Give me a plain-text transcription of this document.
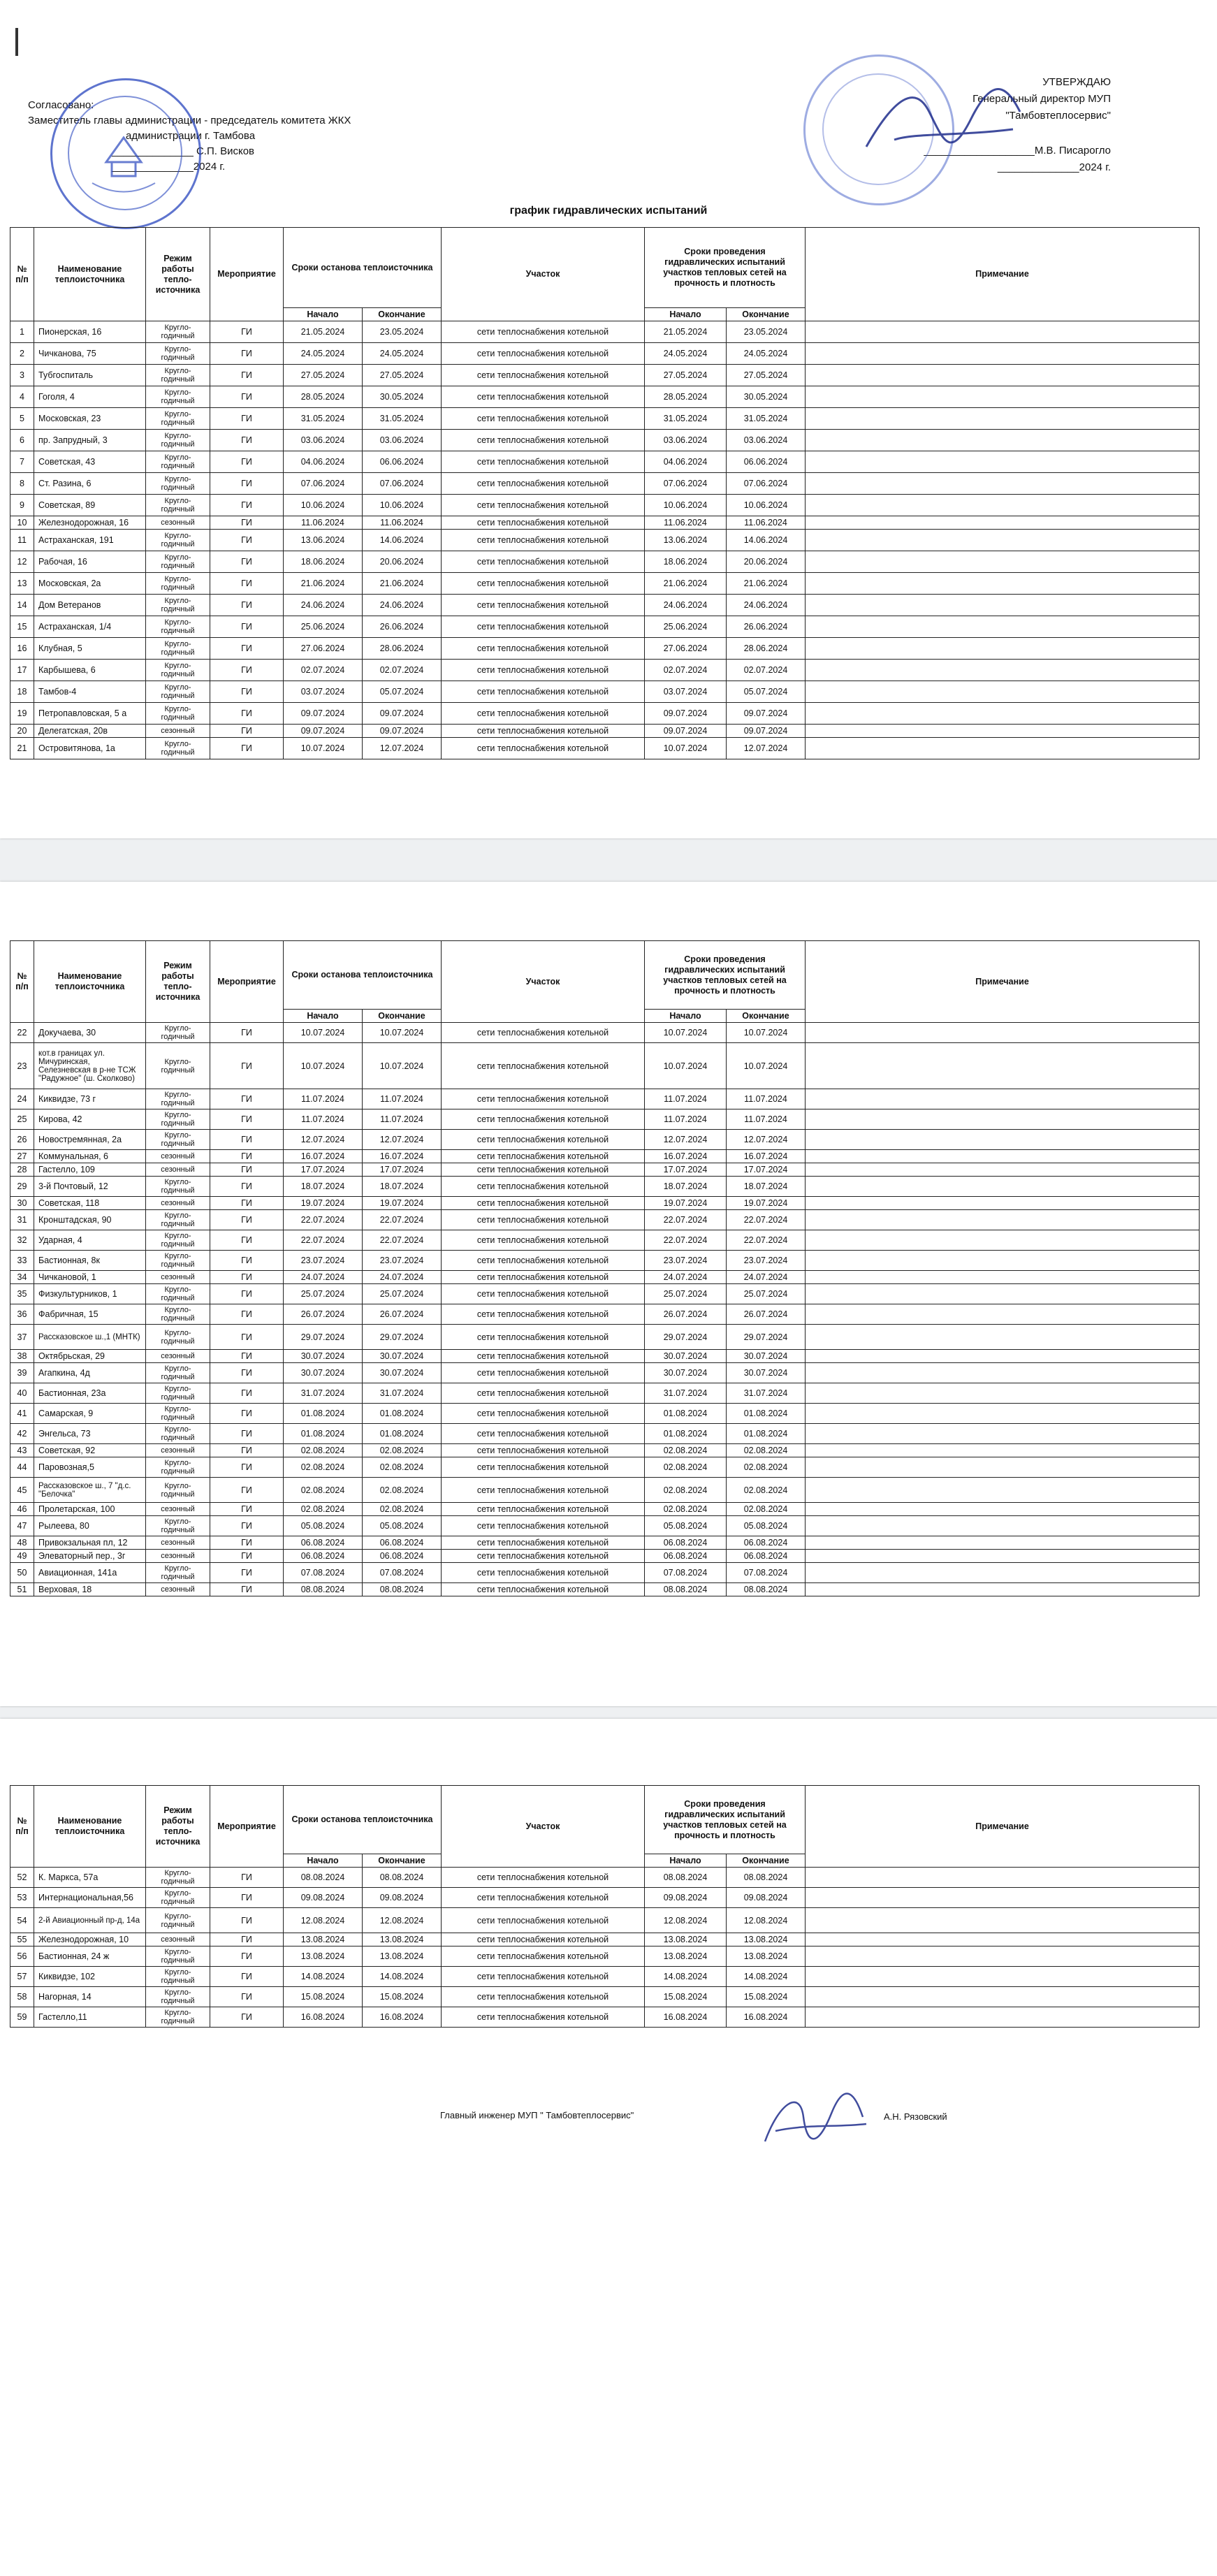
Согласовано:
Заместитель главы администрации - председатель комитета ЖКХ
администрации г. Тамбова
______________ С.П. Висков
______________2024 г.
УТВЕРЖДАЮ
Генеральный директор МУП "Тамбовтеплосервис"
___________________М.В. Писарогло
______________2024 г.
график гидравлических испытаний
№ п/п	Наименование теплоисточника	Режим работы тепло-источника	Мероприятие	Сроки останова теплоисточника		Участок	Сроки проведения гидравлических испытаний участков тепловых сетей на прочность и плотность		Примечание
				Начало	Окончание		Начало	Окончание	
1	Пионерская, 16	Кругло-годичный	ГИ	21.05.2024	23.05.2024	сети теплоснабжения котельной	21.05.2024	23.05.2024	
2	Чичканова, 75	Кругло-годичный	ГИ	24.05.2024	24.05.2024	сети теплоснабжения котельной	24.05.2024	24.05.2024	
3	Тубгоспиталь	Кругло-годичный	ГИ	27.05.2024	27.05.2024	сети теплоснабжения котельной	27.05.2024	27.05.2024	
4	Гоголя, 4	Кругло-годичный	ГИ	28.05.2024	30.05.2024	сети теплоснабжения котельной	28.05.2024	30.05.2024	
5	Московская, 23	Кругло-годичный	ГИ	31.05.2024	31.05.2024	сети теплоснабжения котельной	31.05.2024	31.05.2024	
6	пр. Запрудный, 3	Кругло-годичный	ГИ	03.06.2024	03.06.2024	сети теплоснабжения котельной	03.06.2024	03.06.2024	
7	Советская, 43	Кругло-годичный	ГИ	04.06.2024	06.06.2024	сети теплоснабжения котельной	04.06.2024	06.06.2024	
8	Ст. Разина, 6	Кругло-годичный	ГИ	07.06.2024	07.06.2024	сети теплоснабжения котельной	07.06.2024	07.06.2024	
9	Советская, 89	Кругло-годичный	ГИ	10.06.2024	10.06.2024	сети теплоснабжения котельной	10.06.2024	10.06.2024	
10	Железнодорожная, 16	сезонный	ГИ	11.06.2024	11.06.2024	сети теплоснабжения котельной	11.06.2024	11.06.2024	
11	Астраханская, 191	Кругло-годичный	ГИ	13.06.2024	14.06.2024	сети теплоснабжения котельной	13.06.2024	14.06.2024	
12	Рабочая, 16	Кругло-годичный	ГИ	18.06.2024	20.06.2024	сети теплоснабжения котельной	18.06.2024	20.06.2024	
13	Московская, 2а	Кругло-годичный	ГИ	21.06.2024	21.06.2024	сети теплоснабжения котельной	21.06.2024	21.06.2024	
14	Дом Ветеранов	Кругло-годичный	ГИ	24.06.2024	24.06.2024	сети теплоснабжения котельной	24.06.2024	24.06.2024	
15	Астраханская, 1/4	Кругло-годичный	ГИ	25.06.2024	26.06.2024	сети теплоснабжения котельной	25.06.2024	26.06.2024	
16	Клубная, 5	Кругло-годичный	ГИ	27.06.2024	28.06.2024	сети теплоснабжения котельной	27.06.2024	28.06.2024	
17	Карбышева, 6	Кругло-годичный	ГИ	02.07.2024	02.07.2024	сети теплоснабжения котельной	02.07.2024	02.07.2024	
18	Тамбов-4	Кругло-годичный	ГИ	03.07.2024	05.07.2024	сети теплоснабжения котельной	03.07.2024	05.07.2024	
19	Петропавловская, 5 а	Кругло-годичный	ГИ	09.07.2024	09.07.2024	сети теплоснабжения котельной	09.07.2024	09.07.2024	
20	Делегатская, 20в	сезонный	ГИ	09.07.2024	09.07.2024	сети теплоснабжения котельной	09.07.2024	09.07.2024	
21	Островитянова, 1а	Кругло-годичный	ГИ	10.07.2024	12.07.2024	сети теплоснабжения котельной	10.07.2024	12.07.2024	
№ п/п	Наименование теплоисточника	Режим работы тепло-источника	Мероприятие	Сроки останова теплоисточника		Участок	Сроки проведения гидравлических испытаний участков тепловых сетей на прочность и плотность		Примечание
				Начало	Окончание		Начало	Окончание	
22	Докучаева, 30	Кругло-годичный	ГИ	10.07.2024	10.07.2024	сети теплоснабжения котельной	10.07.2024	10.07.2024	
23	кот.в границах ул. Мичуринская, Селезневская в р-не ТСЖ "Радужное" (ш. Сколково)	Кругло-годичный	ГИ	10.07.2024	10.07.2024	сети теплоснабжения котельной	10.07.2024	10.07.2024	
24	Киквидзе, 73 г	Кругло-годичный	ГИ	11.07.2024	11.07.2024	сети теплоснабжения котельной	11.07.2024	11.07.2024	
25	Кирова, 42	Кругло-годичный	ГИ	11.07.2024	11.07.2024	сети теплоснабжения котельной	11.07.2024	11.07.2024	
26	Новостремянная, 2а	Кругло-годичный	ГИ	12.07.2024	12.07.2024	сети теплоснабжения котельной	12.07.2024	12.07.2024	
27	Коммунальная, 6	сезонный	ГИ	16.07.2024	16.07.2024	сети теплоснабжения котельной	16.07.2024	16.07.2024	
28	Гастелло, 109	сезонный	ГИ	17.07.2024	17.07.2024	сети теплоснабжения котельной	17.07.2024	17.07.2024	
29	3-й Почтовый, 12	Кругло-годичный	ГИ	18.07.2024	18.07.2024	сети теплоснабжения котельной	18.07.2024	18.07.2024	
30	Советская, 118	сезонный	ГИ	19.07.2024	19.07.2024	сети теплоснабжения котельной	19.07.2024	19.07.2024	
31	Кронштадская, 90	Кругло-годичный	ГИ	22.07.2024	22.07.2024	сети теплоснабжения котельной	22.07.2024	22.07.2024	
32	Ударная, 4	Кругло-годичный	ГИ	22.07.2024	22.07.2024	сети теплоснабжения котельной	22.07.2024	22.07.2024	
33	Бастионная, 8к	Кругло-годичный	ГИ	23.07.2024	23.07.2024	сети теплоснабжения котельной	23.07.2024	23.07.2024	
34	Чичкановой, 1	сезонный	ГИ	24.07.2024	24.07.2024	сети теплоснабжения котельной	24.07.2024	24.07.2024	
35	Физкультурников, 1	Кругло-годичный	ГИ	25.07.2024	25.07.2024	сети теплоснабжения котельной	25.07.2024	25.07.2024	
36	Фабричная, 15	Кругло-годичный	ГИ	26.07.2024	26.07.2024	сети теплоснабжения котельной	26.07.2024	26.07.2024	
37	Рассказовское ш.,1 (МНТК)	Кругло-годичный	ГИ	29.07.2024	29.07.2024	сети теплоснабжения котельной	29.07.2024	29.07.2024	
38	Октябрьская, 29	сезонный	ГИ	30.07.2024	30.07.2024	сети теплоснабжения котельной	30.07.2024	30.07.2024	
39	Агапкина, 4д	Кругло-годичный	ГИ	30.07.2024	30.07.2024	сети теплоснабжения котельной	30.07.2024	30.07.2024	
40	Бастионная, 23а	Кругло-годичный	ГИ	31.07.2024	31.07.2024	сети теплоснабжения котельной	31.07.2024	31.07.2024	
41	Самарская, 9	Кругло-годичный	ГИ	01.08.2024	01.08.2024	сети теплоснабжения котельной	01.08.2024	01.08.2024	
42	Энгельса, 73	Кругло-годичный	ГИ	01.08.2024	01.08.2024	сети теплоснабжения котельной	01.08.2024	01.08.2024	
43	Советская, 92	сезонный	ГИ	02.08.2024	02.08.2024	сети теплоснабжения котельной	02.08.2024	02.08.2024	
44	Паровозная,5	Кругло-годичный	ГИ	02.08.2024	02.08.2024	сети теплоснабжения котельной	02.08.2024	02.08.2024	
45	Рассказовское ш., 7 "д.с. "Белочка"	Кругло-годичный	ГИ	02.08.2024	02.08.2024	сети теплоснабжения котельной	02.08.2024	02.08.2024	
46	Пролетарская, 100	сезонный	ГИ	02.08.2024	02.08.2024	сети теплоснабжения котельной	02.08.2024	02.08.2024	
47	Рылеева, 80	Кругло-годичный	ГИ	05.08.2024	05.08.2024	сети теплоснабжения котельной	05.08.2024	05.08.2024	
48	Привокзальная пл, 12	сезонный	ГИ	06.08.2024	06.08.2024	сети теплоснабжения котельной	06.08.2024	06.08.2024	
49	Элеваторный пер., 3г	сезонный	ГИ	06.08.2024	06.08.2024	сети теплоснабжения котельной	06.08.2024	06.08.2024	
50	Авиационная, 141а	Кругло-годичный	ГИ	07.08.2024	07.08.2024	сети теплоснабжения котельной	07.08.2024	07.08.2024	
51	Верховая, 18	сезонный	ГИ	08.08.2024	08.08.2024	сети теплоснабжения котельной	08.08.2024	08.08.2024	
№ п/п	Наименование теплоисточника	Режим работы тепло-источника	Мероприятие	Сроки останова теплоисточника		Участок	Сроки проведения гидравлических испытаний участков тепловых сетей на прочность и плотность		Примечание
				Начало	Окончание		Начало	Окончание	
52	К. Маркса, 57а	Кругло-годичный	ГИ	08.08.2024	08.08.2024	сети теплоснабжения котельной	08.08.2024	08.08.2024	
53	Интернациональная,56	Кругло-годичный	ГИ	09.08.2024	09.08.2024	сети теплоснабжения котельной	09.08.2024	09.08.2024	
54	2-й Авиационный пр-д, 14а	Кругло-годичный	ГИ	12.08.2024	12.08.2024	сети теплоснабжения котельной	12.08.2024	12.08.2024	
55	Железнодорожная, 10	сезонный	ГИ	13.08.2024	13.08.2024	сети теплоснабжения котельной	13.08.2024	13.08.2024	
56	Бастионная, 24 ж	Кругло-годичный	ГИ	13.08.2024	13.08.2024	сети теплоснабжения котельной	13.08.2024	13.08.2024	
57	Киквидзе, 102	Кругло-годичный	ГИ	14.08.2024	14.08.2024	сети теплоснабжения котельной	14.08.2024	14.08.2024	
58	Нагорная, 14	Кругло-годичный	ГИ	15.08.2024	15.08.2024	сети теплоснабжения котельной	15.08.2024	15.08.2024	
59	Гастелло,11	Кругло-годичный	ГИ	16.08.2024	16.08.2024	сети теплоснабжения котельной	16.08.2024	16.08.2024	
Главный инженер МУП " Тамбовтеплосервис"	А.Н. Рязовский
